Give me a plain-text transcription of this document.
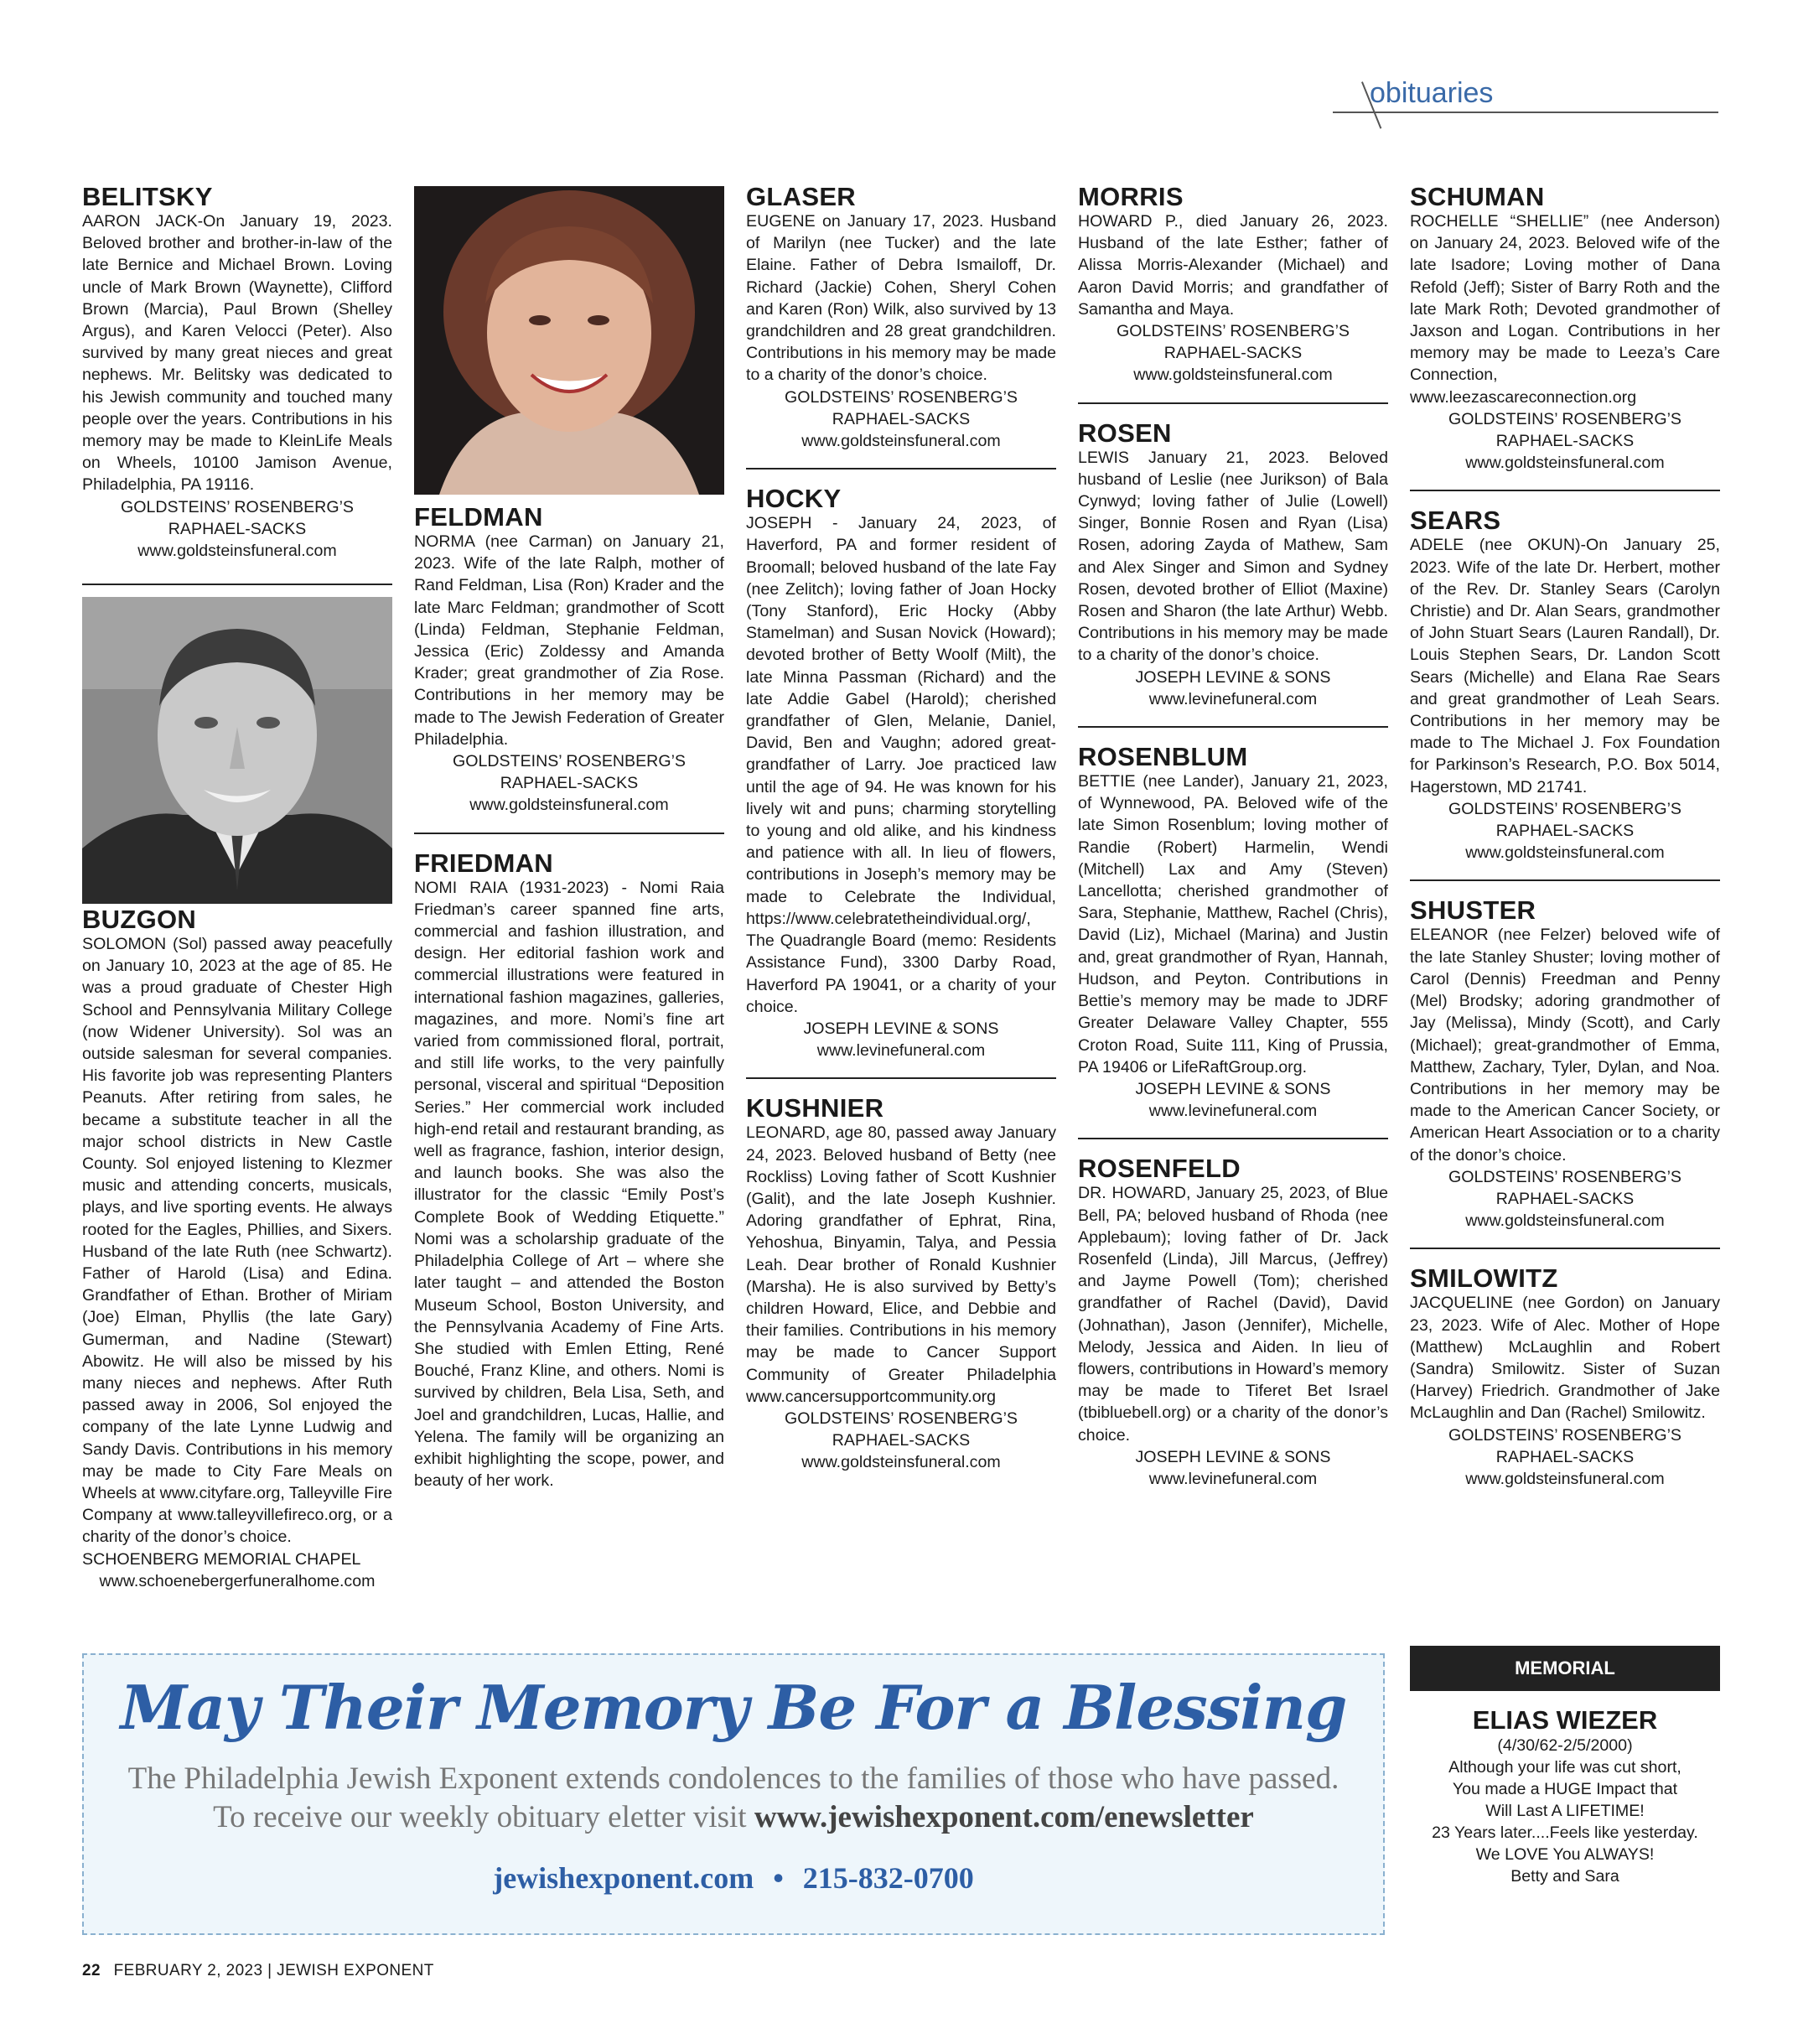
obituaries
BELITSKY

AARON JACK-On January 19, 2023. Beloved brother and brother-in-law of the late Bernice and Michael Brown. Loving uncle of Mark Brown (Waynette), Clifford Brown (Marcia), Paul Brown (Shelley Argus), and Karen Velocci (Peter). Also survived by many great nieces and great nephews. Mr. Belitsky was dedicated to his Jewish community and touched many people over the years. Contributions in his memory may be made to KleinLife Meals on Wheels, 10100 Jamison Avenue, Philadelphia, PA 19116.

GOLDSTEINS’ ROSENBERG’S
RAPHAEL-SACKS
www.goldsteinsfuneral.com
BUZGON

SOLOMON (Sol) passed away peacefully on January 10, 2023 at the age of 85. He was a proud graduate of Chester High School and Pennsylvania Military College (now Widener University). Sol was an outside salesman for several companies. His favorite job was representing Planters Peanuts. After retiring from sales, he became a substitute teacher in all the major school districts in New Castle County. Sol enjoyed listening to Klezmer music and attending concerts, musicals, plays, and live sporting events. He always rooted for the Eagles, Phillies, and Sixers. Husband of the late Ruth (nee Schwartz). Father of Harold (Lisa) and Edina. Grandfather of Ethan. Brother of Miriam (Joe) Elman, Phyllis (the late Gary) Gumerman, and Nadine (Stewart) Abowitz. He will also be missed by his many nieces and nephews. After Ruth passed away in 2006, Sol enjoyed the company of the late Lynne Ludwig and Sandy Davis. Contributions in his memory may be made to City Fare Meals on Wheels at www.cityfare.org, Talleyville Fire Company at www.talleyvillefireco.org, or a charity of the donor’s choice.

SCHOENBERG MEMORIAL CHAPEL
www.schoenebergerfuneralhome.com
FELDMAN

NORMA (nee Carman) on January 21, 2023. Wife of the late Ralph, mother of Rand Feldman, Lisa (Ron) Krader and the late Marc Feldman; grandmother of Scott (Linda) Feldman, Stephanie Feldman, Jessica (Eric) Zoldessy and Amanda Krader; great grandmother of Zia Rose. Contributions in her memory may be made to The Jewish Federation of Greater Philadelphia.

GOLDSTEINS’ ROSENBERG’S
RAPHAEL-SACKS
www.goldsteinsfuneral.com
FRIEDMAN

NOMI RAIA (1931-2023) - Nomi Raia Friedman’s career spanned fine arts, commercial and fashion illustration, and design. Her editorial fashion work and commercial illustrations were featured in international fashion magazines, galleries, magazines, and more. Nomi’s fine art varied from commissioned floral, portrait, and still life works, to the very painfully personal, visceral and spiritual “Deposition Series.” Her commercial work included high-end retail and restaurant branding, as well as fragrance, fashion, interior design, and launch books. She was also the illustrator for the classic “Emily Post’s Complete Book of Wedding Etiquette.” Nomi was a scholarship graduate of the Philadelphia College of Art – where she later taught – and attended the Boston Museum School, Boston University, and the Pennsylvania Academy of Fine Arts. She studied with Emlen Etting, René Bouché, Franz Kline, and others. Nomi is survived by children, Bela Lisa, Seth, and Joel and grandchildren, Lucas, Hallie, and Yelena. The family will be organizing an exhibit highlighting the scope, power, and beauty of her work.

GLASER

EUGENE on January 17, 2023. Husband of Marilyn (nee Tucker) and the late Elaine. Father of Debra Ismailoff, Dr. Richard (Jackie) Cohen, Sheryl Cohen and Karen (Ron) Wilk, also survived by 13 grandchildren and 28 great grandchildren. Contributions in his memory may be made to a charity of the donor’s choice.

GOLDSTEINS’ ROSENBERG’S
RAPHAEL-SACKS
www.goldsteinsfuneral.com
HOCKY

JOSEPH - January 24, 2023, of Haverford, PA and former resident of Broomall; beloved husband of the late Fay (nee Zelitch); loving father of Joan Hocky (Tony Stanford), Eric Hocky (Abby Stamelman) and Susan Novick (Howard); devoted brother of Betty Woolf (Milt), the late Minna Passman (Richard) and the late Addie Gabel (Harold); cherished grandfather of Glen, Melanie, Daniel, David, Ben and Vaughn; adored great-grandfather of Larry. Joe practiced law until the age of 94. He was known for his lively wit and puns; charming storytelling to young and old alike, and his kindness and patience with all. In lieu of flowers, contributions in Joseph’s memory may be made to Celebrate the Individual, https://www.celebratetheindividual.org/, The Quadrangle Board (memo: Residents Assistance Fund), 3300 Darby Road, Haverford PA 19041, or a charity of your choice.

JOSEPH LEVINE & SONS
www.levinefuneral.com
KUSHNIER

LEONARD, age 80, passed away January 24, 2023. Beloved husband of Betty (nee Rockliss) Loving father of Scott Kushnier (Galit), and the late Joseph Kushnier. Adoring grandfather of Ephrat, Rina, Yehoshua, Binyamin, Talya, and Pessia Leah. Dear brother of Ronald Kushnier (Marsha). He is also survived by Betty’s children Howard, Elice, and Debbie and their families. Contributions in his memory may be made to Cancer Support Community of Greater Philadelphia www.cancersupportcommunity.org

GOLDSTEINS’ ROSENBERG’S
RAPHAEL-SACKS
www.goldsteinsfuneral.com
MORRIS

HOWARD P., died January 26, 2023. Husband of the late Esther; father of Alissa Morris-Alexander (Michael) and Aaron David Morris; and grandfather of Samantha and Maya.

GOLDSTEINS’ ROSENBERG’S
RAPHAEL-SACKS
www.goldsteinsfuneral.com
ROSEN

LEWIS January 21, 2023. Beloved husband of Leslie (nee Jurikson) of Bala Cynwyd; loving father of Julie (Lowell) Singer, Bonnie Rosen and Ryan (Lisa) Rosen, adoring Zayda of Mathew, Sam and Alex Singer and Simon and Sydney Rosen, devoted brother of Elliot (Maxine) Rosen and Sharon (the late Arthur) Webb. Contributions in his memory may be made to a charity of the donor’s choice.

JOSEPH LEVINE & SONS
www.levinefuneral.com
ROSENBLUM

BETTIE (nee Lander), January 21, 2023, of Wynnewood, PA. Beloved wife of the late Simon Rosenblum; loving mother of Randie (Robert) Harmelin, Wendi (Mitchell) Lax and Amy (Steven) Lancellotta; cherished grandmother of Sara, Stephanie, Matthew, Rachel (Chris), David (Liz), Michael (Marina) and Justin and, great grandmother of Ryan, Hannah, Hudson, and Peyton. Contributions in Bettie’s memory may be made to JDRF Greater Delaware Valley Chapter, 555 Croton Road, Suite 111, King of Prussia, PA 19406 or LifeRaftGroup.org.

JOSEPH LEVINE & SONS
www.levinefuneral.com
ROSENFELD

DR. HOWARD, January 25, 2023, of Blue Bell, PA; beloved husband of Rhoda (nee Applebaum); loving father of Dr. Jack Rosenfeld (Linda), Jill Marcus, (Jeffrey) and Jayme Powell (Tom); cherished grandfather of Rachel (David), David (Johnathan), Jason (Jennifer), Michelle, Melody, Jessica and Aiden. In lieu of flowers, contributions in Howard’s memory may be made to Tiferet Bet Israel (tbibluebell.org) or a charity of the donor’s choice.

JOSEPH LEVINE & SONS
www.levinefuneral.com
SCHUMAN

ROCHELLE “SHELLIE” (nee Anderson) on January 24, 2023. Beloved wife of the late Isadore; Loving mother of Dana Refold (Jeff); Sister of Barry Roth and the late Mark Roth; Devoted grandmother of Jaxson and Logan. Contributions in her memory may be made to Leeza’s Care Connection, www.leezascareconnection.org

GOLDSTEINS’ ROSENBERG’S
RAPHAEL-SACKS
www.goldsteinsfuneral.com
SEARS

ADELE (nee OKUN)-On January 25, 2023. Wife of the late Dr. Herbert, mother of the Rev. Dr. Stanley Sears (Carolyn Christie) and Dr. Alan Sears, grandmother of John Stuart Sears (Lauren Randall), Dr. Louis Stephen Sears, Dr. Landon Scott Sears (Michelle) and Elana Rae Sears and great grandmother of Leah Sears. Contributions in her memory may be made to The Michael J. Fox Foundation for Parkinson’s Research, P.O. Box 5014, Hagerstown, MD 21741.

GOLDSTEINS’ ROSENBERG’S
RAPHAEL-SACKS
www.goldsteinsfuneral.com
SHUSTER

ELEANOR (nee Felzer) beloved wife of the late Stanley Shuster; loving mother of Carol (Dennis) Freedman and Penny (Mel) Brodsky; adoring grandmother of Jay (Melissa), Mindy (Scott), and Carly (Michael); great-grandmother of Emma, Matthew, Zachary, Tyler, Dylan, and Noa. Contributions in her memory may be made to the American Cancer Society, or American Heart Association or to a charity of the donor’s choice.

GOLDSTEINS’ ROSENBERG’S
RAPHAEL-SACKS
www.goldsteinsfuneral.com
SMILOWITZ

JACQUELINE (nee Gordon) on January 23, 2023. Wife of Alec. Mother of Hope (Matthew) McLaughlin and Robert (Sandra) Smilowitz. Sister of Suzan (Harvey) Friedrich. Grandmother of Jake McLaughlin and Dan (Rachel) Smilowitz.

GOLDSTEINS’ ROSENBERG’S
RAPHAEL-SACKS
www.goldsteinsfuneral.com
May Their Memory Be For a Blessing
The Philadelphia Jewish Exponent extends condolences to the families of those who have passed.
To receive our weekly obituary eletter visit www.jewishexponent.com/enewsletter
jewishexponent.com • 215-832-0700
MEMORIAL
ELIAS WIEZER
(4/30/62-2/5/2000)
Although your life was cut short,
You made a HUGE Impact that
Will Last A LIFETIME!
23 Years later....Feels like yesterday.
We LOVE You ALWAYS!
Betty and Sara
22 FEBRUARY 2, 2023 | JEWISH EXPONENT
